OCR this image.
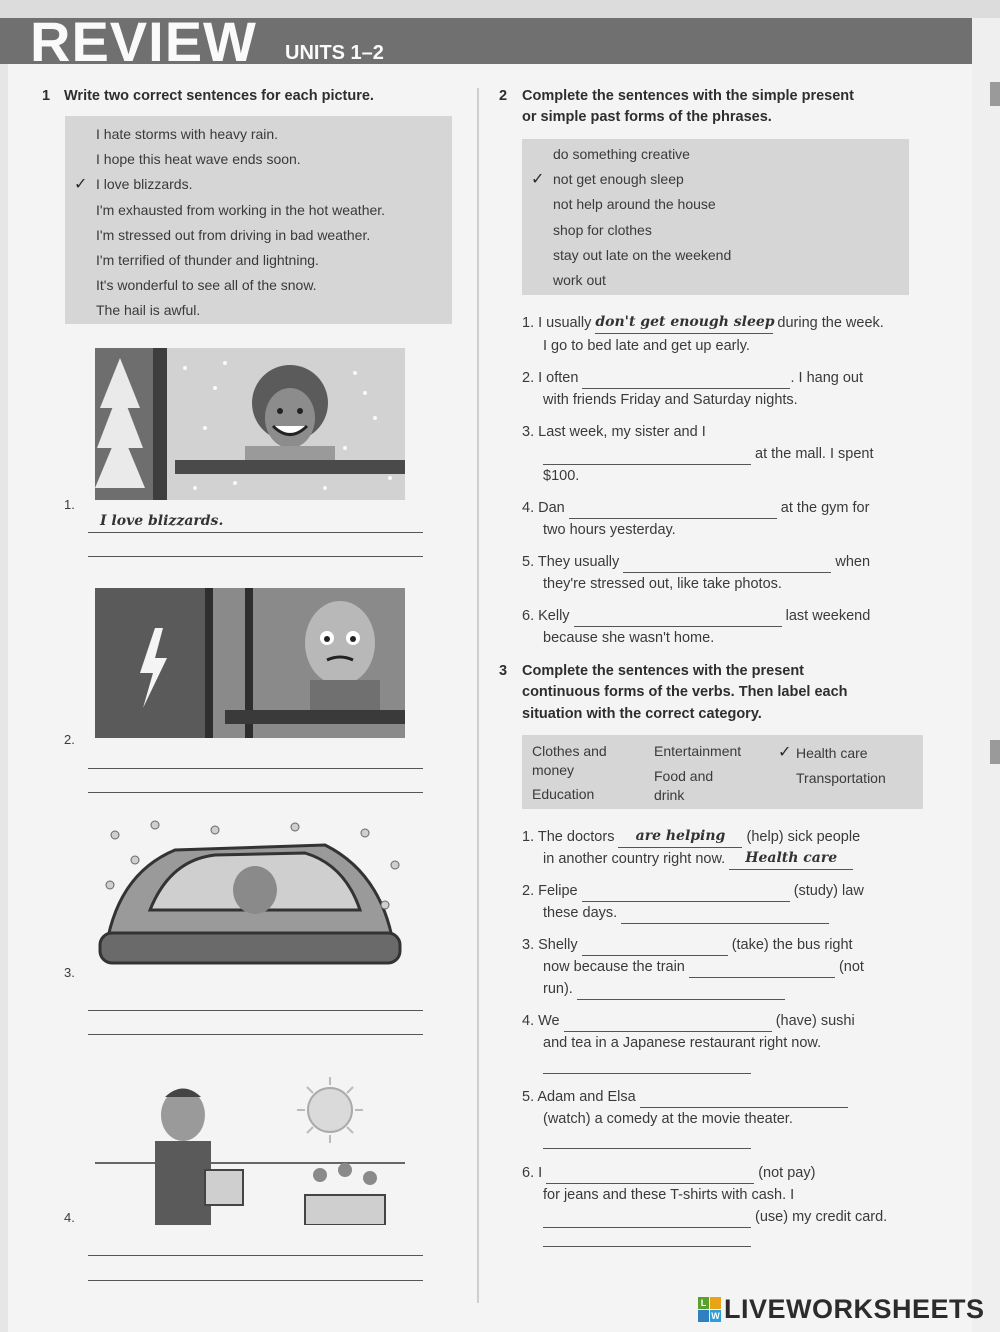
REVIEW UNITS 1–2
1 Write two correct sentences for each picture.
I hate storms with heavy rain.
I hope this heat wave ends soon.
✓ I love blizzards.
I'm exhausted from working in the hot weather.
I'm stressed out from driving in bad weather.
I'm terrified of thunder and lightning.
It's wonderful to see all of the snow.
The hail is awful.
1.
I love blizzards.
2.
3.
4.
2 Complete the sentences with the simple present
or simple past forms of the phrases.
do something creative
✓ not get enough sleep
not help around the house
shop for clothes
stay out late on the weekend
work out
1. I usually don't get enough sleep during the week.
I go to bed late and get up early.
2. I often	. I hang out
with friends Friday and Saturday nights.
3. Last week, my sister and I
at the mall. I spent
$100.
4. Dan	at the gym for
two hours yesterday.
5. They usually	when
they're stressed out, like take photos.
6. Kelly	last weekend
because she wasn't home.
3 Complete the sentences with the present
continuous forms of the verbs. Then label each
situation with the correct category.
Clothes and
money
Education
Entertainment
Food and
drink
✓ Health care
Transportation
1. The doctors	are helping	(help) sick people
in another country right now.	Health care
2. Felipe	(study) law
these days.
3. Shelly	(take) the bus right
now because the train	(not
run).
4. We	(have) sushi
and tea in a Japanese restaurant right now.
5. Adam and Elsa
(watch) a comedy at the movie theater.
6. I	(not pay)
for jeans and these T-shirts with cash. I
(use) my credit card.
L
W LIVEWORKSHEETS
